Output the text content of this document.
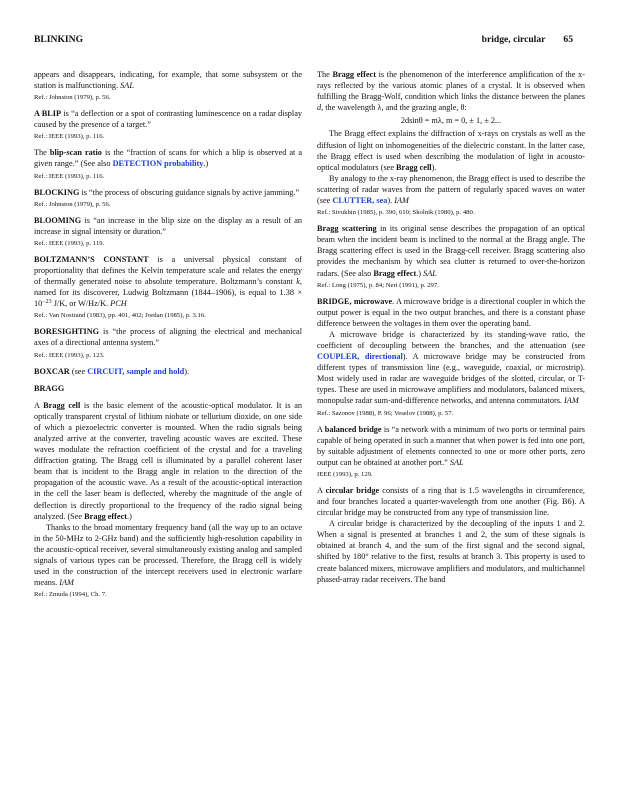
BLINKING	bridge, circular 65

appears and disappears, indicating, for example, that some subsystem or the station is malfunctioning. SAL

Ref.: Johnston (1979), p. 56.

A BLIP is “a deflection or a spot of contrasting luminescence on a radar display caused by the presence of a target.”

Ref.: IEEE (1993), p. 116.

The blip-scan ratio is the “fraction of scans for which a blip is observed at a given range.” (See also DETECTION probability.)

Ref.: IEEE (1993), p. 116.

BLOCKING is “the process of obscuring guidance signals by active jamming.”

Ref.: Johnston (1979), p. 56.

BLOOMING is “an increase in the blip size on the display as a result of an increase in signal intensity or duration.”

Ref.: IEEE (1993), p. 119.

BOLTZMANN’S CONSTANT is a universal physical constant of proportionality that defines the Kelvin temperature scale and relates the energy of thermally generated noise to absolute temperature. Boltzmann’s constant k, named for its discoverer, Ludwig Boltzmann (1844–1906), is equal to $1.38 \times 10^{-23}$ J/K, or W/Hz/K. PCH

Ref.: Van Nostrand (1983), pp. 401, 402; Jordan (1985), p. 3.16.

BORESIGHTING is “the process of aligning the electrical and mechanical axes of a directional antenna system.”

Ref.: IEEE (1993), p. 123.

BOXCAR (see CIRCUIT, sample and hold).

BRAGG

A Bragg cell is the basic element of the acoustic-optical modulator. It is an optically transparent crystal of lithium niobate or tellurium dioxide, on one side of which a piezoelectric converter is mounted. When the radio signals being analyzed arrive at the converter, traveling acoustic waves are excited. These waves modulate the refraction coefficient of the crystal and for a traveling diffraction grating. The Bragg cell is illuminated by a parallel coherent laser beam that is incident to the Bragg angle in relation to the direction of the propagation of the acoustic wave. As a result of the acoustic-optical interaction in the cell the laser beam is deflected, whereby the magnitude of the angle of deflection is directly proportional to the frequency of the radio signal being analyzed. (See Bragg effect.)

Thanks to the broad momentary frequency band (all the way up to an octave in the 50-MHz to 2-GHz band) and the sufficiently high-resolution capability in the acoustic-optical receiver, several simultaneously existing analog and sampled signals of various types can be processed. Therefore, the Bragg cell is widely used in the construction of the intercept receivers used in electronic warfare means. IAM

Ref.: Zmuda (1994), Ch. 7.

The Bragg effect is the phenomenon of the interference amplification of the x-rays reflected by the various atomic planes of a crystal. It is observed when fulfilling the Bragg-Wolf, condition which links the distance between the planes d, the wavelength λ, and the grazing angle, θ:

2dsinθ = mλ, m = 0, ± 1, ± 2...

The Bragg effect explains the diffraction of x-rays on crystals as well as the diffusion of light on inhomogeneities of the dielectric constant. In the latter case, the Bragg effect is used when describing the modulation of light in acousto-optical modulators (see Bragg cell).

By analogy to the x-ray phenomenon, the Bragg effect is used to describe the scattering of radar waves from the pattern of regularly spaced waves on water (see CLUTTER, sea). IAM

Ref.: Sivukhin (1985), p. 390, 610; Skolnik (1980), p. 480.

Bragg scattering in its original sense describes the propagation of an optical beam when the incident beam is inclined to the normal at the Bragg angle. The Bragg scattering effect is used in the Bragg-cell receiver. Bragg scattering also provides the mechanism by which sea clutter is returned to over-the-horizon radars. (See also Bragg effect.) SAL

Ref.: Long (1975), p. 84; Neri (1991), p. 297.

BRIDGE, microwave. A microwave bridge is a directional coupler in which the output power is equal in the two output branches, and there is a constant phase difference between the voltages in them over the operating band.

A microwave bridge is characterized by its standing-wave ratio, the coefficient of decoupling between the branches, and the attenuation (see COUPLER, directional). A microwave bridge may be constructed from different types of transmission line (e.g., waveguide, coaxial, or microstrip). Most widely used in radar are waveguide bridges of the slotted, circular, or T-types. These are used in microwave amplifiers and modulators, balanced mixers, monopulse radar sum-and-difference networks, and antenna commutators. IAM

Ref.: Sazonov (1988), P. 96; Veselov (1988), p. 57.

A balanced bridge is “a network with a minimum of two ports or terminal pairs capable of being operated in such a manner that when power is fed into one port, by suitable adjustment of elements connected to one or more other ports, zero output can be obtained at another port.” SAL

IEEE (1993), p. 129.

A circular bridge consists of a ring that is 1.5 wavelengths in circumference, and four branches located a quarter-wavelength from one another (Fig. B6). A circular bridge may be constructed from any type of transmission line.

A circular bridge is characterized by the decoupling of the inputs 1 and 2. When a signal is presented at branches 1 and 2, the sum of these signals is obtained at branch 4, and the sum of the first signal and the second signal, shifted by 180° relative to the first, results at branch 3. This property is used to create balanced mixers, microwave amplifiers and modulators, and multichannel phased-array radar receivers. The band
